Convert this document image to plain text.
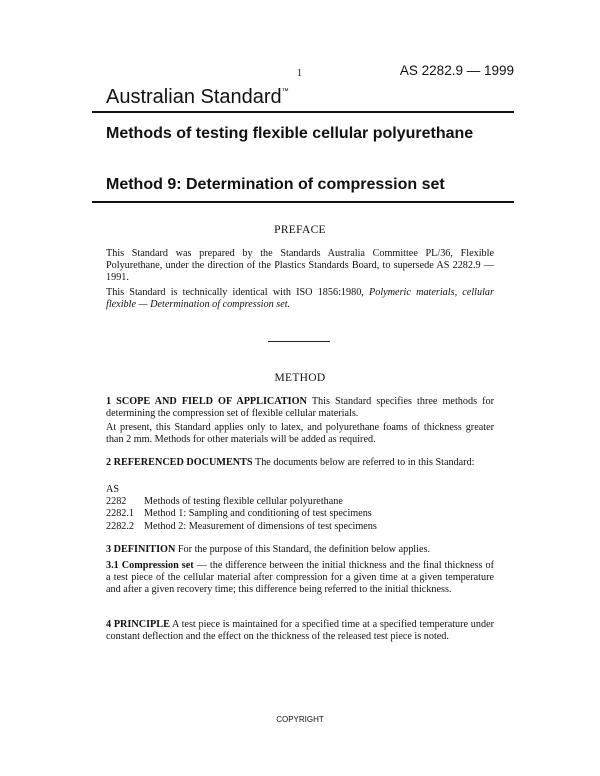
1	AS 2282.9 — 1999
Australian Standard™
Methods of testing flexible cellular polyurethane
Method 9: Determination of compression set
PREFACE

This Standard was prepared by the Standards Australia Committee PL/36, Flexible Polyurethane, under the direction of the Plastics Standards Board, to supersede AS 2282.9 — 1991.

This Standard is technically identical with ISO 1856:1980, Polymeric materials, cellular flexible — Determination of compression set.

METHOD

1 SCOPE AND FIELD OF APPLICATION This Standard specifies three methods for determining the compression set of flexible cellular materials.

At present, this Standard applies only to latex, and polyurethane foams of thickness greater than 2 mm. Methods for other materials will be added as required.

2 REFERENCED DOCUMENTS The documents below are referred to in this Standard:

AS
2282	Methods of testing flexible cellular polyurethane
2282.1 Method 1: Sampling and conditioning of test specimens
2282.2 Method 2: Measurement of dimensions of test specimens

3 DEFINITION For the purpose of this Standard, the definition below applies.

3.1 Compression set — the difference between the initial thickness and the final thickness of a test piece of the cellular material after compression for a given time at a given temperature and after a given recovery time; this difference being referred to the initial thickness.

4 PRINCIPLE A test piece is maintained for a specified time at a specified temperature under constant deflection and the effect on the thickness of the released test piece is noted.

COPYRIGHT
